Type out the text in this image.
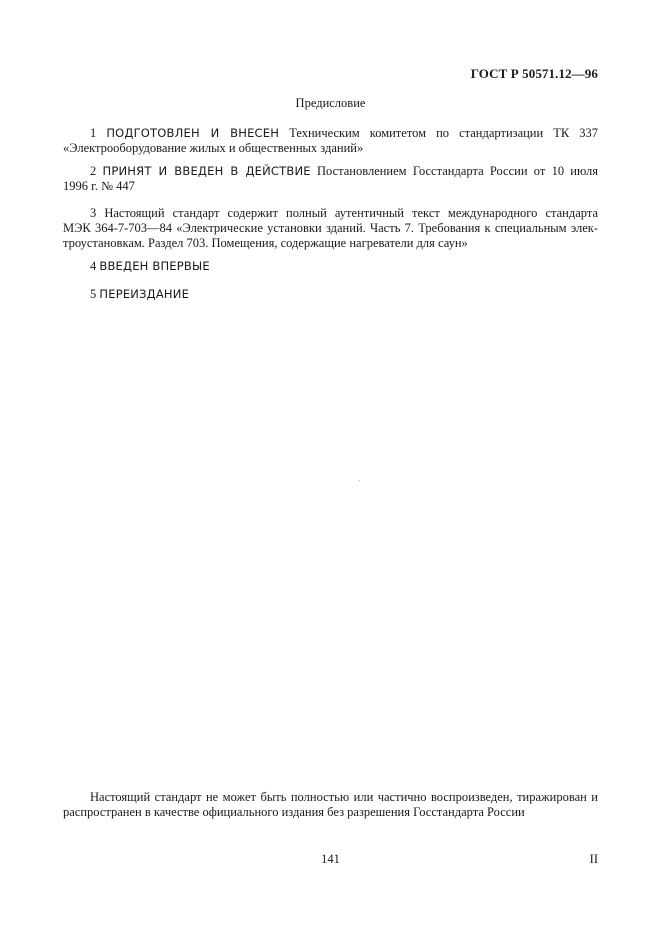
ГОСТ Р 50571.12—96
Предисловие
1 ПОДГОТОВЛЕН И ВНЕСЕН Техническим комитетом по стандартизации ТК 337
«Электрооборудование жилых и общественных зданий»
2 ПРИНЯТ И ВВЕДЕН В ДЕЙСТВИЕ Постановлением Госстандарта России от 10 июля
1996 г. № 447
3 Настоящий стандарт содержит полный аутентичный текст международного стандарта
МЭК 364-7-703—84 «Электрические установки зданий. Часть 7. Требования к специальным элек-
троустановкам. Раздел 703. Помещения, содержащие нагреватели для саун»
4 ВВЕДЕН ВПЕРВЫЕ
5 ПЕРЕИЗДАНИЕ
Настоящий стандарт не может быть полностью или частично воспроизведен, тиражирован и
распространен в качестве официального издания без разрешения Госстандарта России
141	II
